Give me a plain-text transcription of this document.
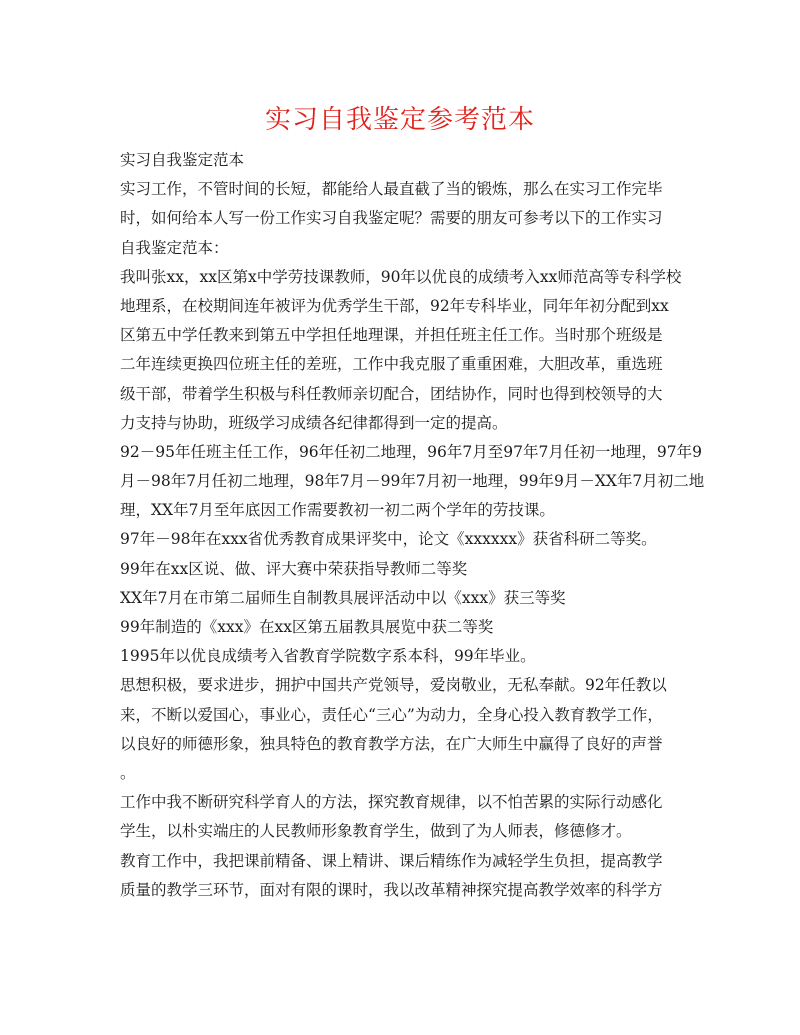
实习自我鉴定参考范本
实习自我鉴定范本
实习工作，不管时间的长短，都能给人最直截了当的锻炼，那么在实习工作完毕
时，如何给本人写一份工作实习自我鉴定呢？需要的朋友可参考以下的工作实习
自我鉴定范本：
我叫张xx，xx区第x中学劳技课教师，90年以优良的成绩考入xx师范高等专科学校
地理系，在校期间连年被评为优秀学生干部，92年专科毕业，同年年初分配到xx
区第五中学任教来到第五中学担任地理课，并担任班主任工作。当时那个班级是
二年连续更换四位班主任的差班，工作中我克服了重重困难，大胆改革，重选班
级干部，带着学生积极与科任教师亲切配合，团结协作，同时也得到校领导的大
力支持与协助，班级学习成绩各纪律都得到一定的提高。
92－95年任班主任工作，96年任初二地理，96年7月至97年7月任初一地理，97年9
月－98年7月任初二地理，98年7月－99年7月初一地理，99年9月－XX年7月初二地
理，XX年7月至年底因工作需要教初一初二两个学年的劳技课。
97年－98年在xxx省优秀教育成果评奖中，论文《xxxxxx》获省科研二等奖。
99年在xx区说、做、评大赛中荣获指导教师二等奖
XX年7月在市第二届师生自制教具展评活动中以《xxx》获三等奖
99年制造的《xxx》在xx区第五届教具展览中获二等奖
1995年以优良成绩考入省教育学院数字系本科，99年毕业。
思想积极，要求进步，拥护中国共产党领导，爱岗敬业，无私奉献。92年任教以
来，不断以爱国心，事业心，责任心“三心”为动力，全身心投入教育教学工作，
以良好的师德形象，独具特色的教育教学方法，在广大师生中赢得了良好的声誉
。
工作中我不断研究科学育人的方法，探究教育规律，以不怕苦累的实际行动感化
学生，以朴实端庄的人民教师形象教育学生，做到了为人师表，修德修才。
教育工作中，我把课前精备、课上精讲、课后精练作为减轻学生负担，提高教学
质量的教学三环节，面对有限的课时，我以改革精神探究提高教学效率的科学方
